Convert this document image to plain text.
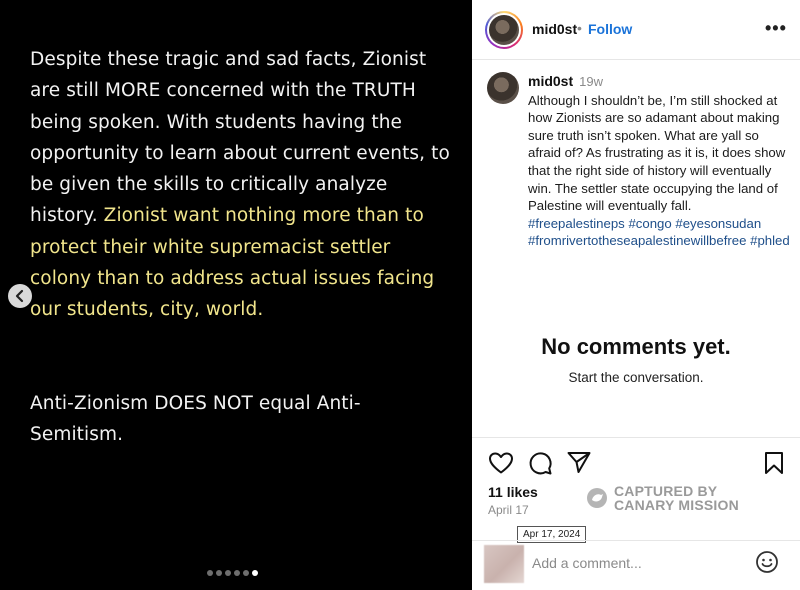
Despite these tragic and sad facts, Zionist are still MORE concerned with the TRUTH being spoken. With students having the opportunity to learn about current events, to be given the skills to critically analyze history. Zionist want nothing more than to protect their white supremacist settler colony than to address actual issues facing our students, city, world.

Anti-Zionism DOES NOT equal Anti-Semitism.

mid0st • Follow	•••
mid0st 19w
Although I shouldn’t be, I’m still shocked at how Zionists are so adamant about making sure truth isn’t spoken. What are yall so afraid of? As frustrating as it is, it does show that the right side of history will eventually win. The settler state occupying the land of Palestine will eventually fall. #freepalestineps #congo #eyesonsudan #fromrivertotheseapalestinewillbefree #phled
No comments yet.
Start the conversation.
11 likes
April 17
CAPTURED BY
CANARY MISSION
Apr 17, 2024
Add a comment...
